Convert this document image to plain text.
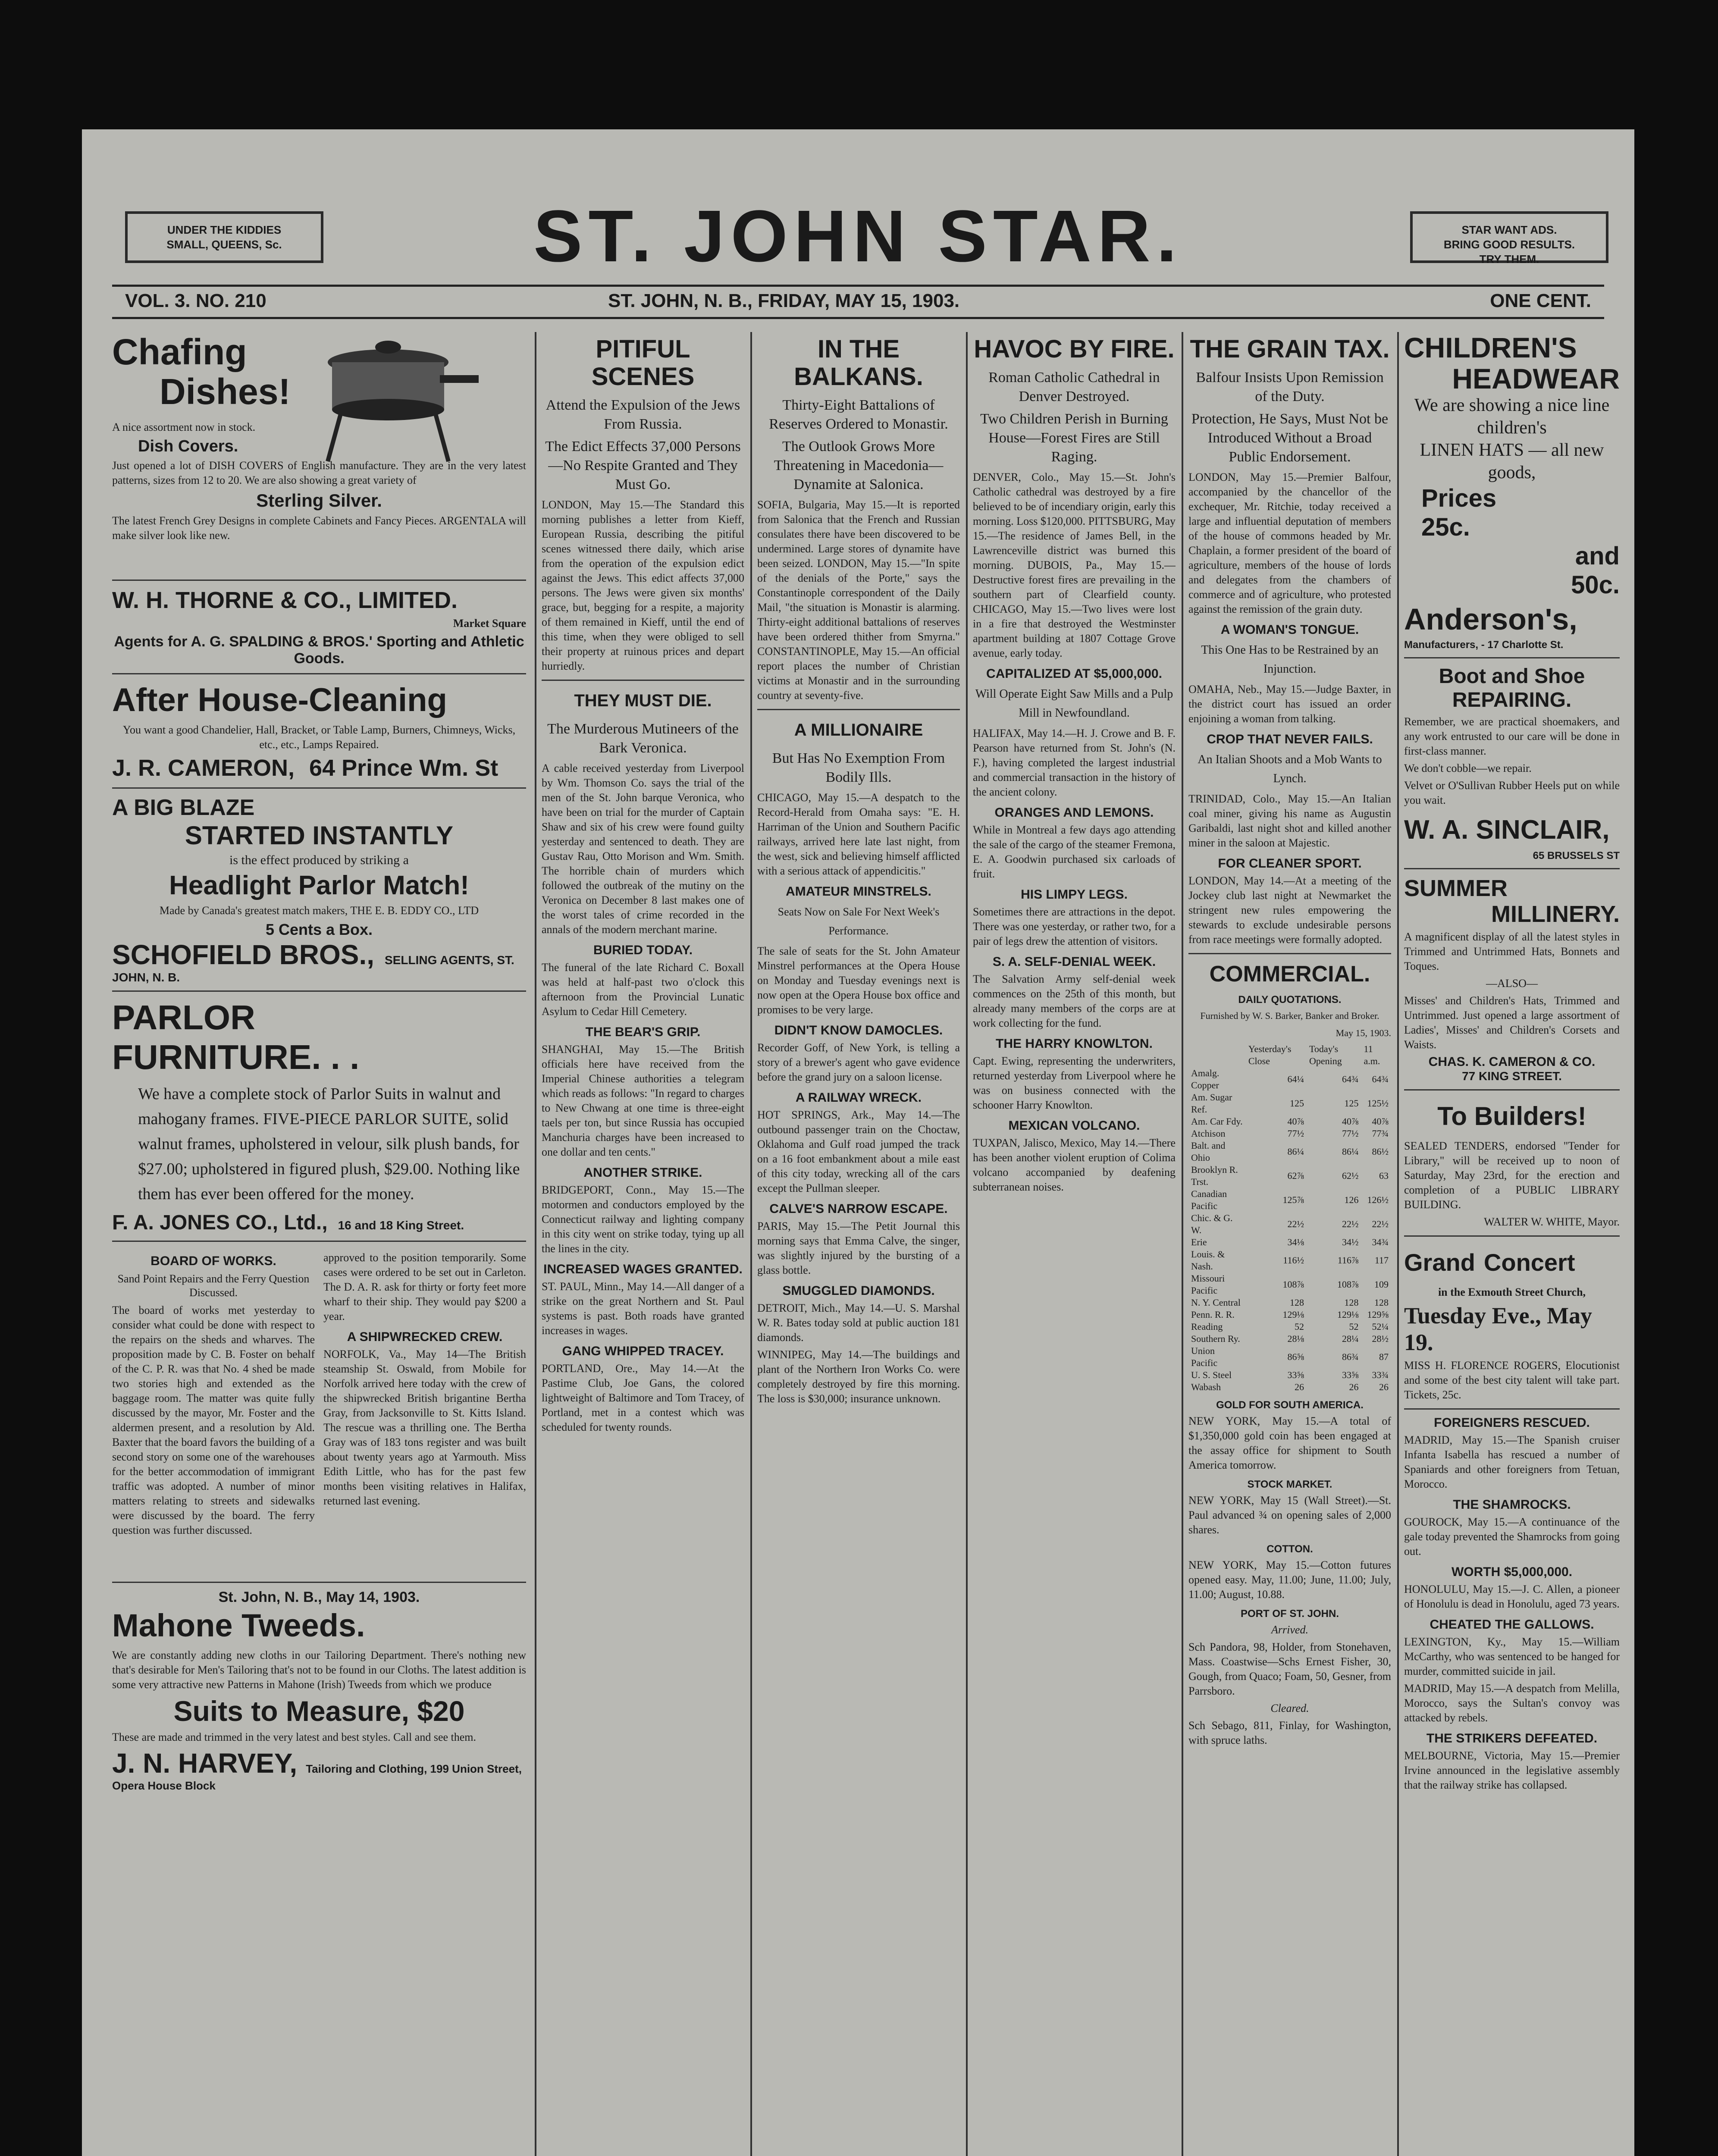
UNDER THE KIDDIES
SMALL, QUEENS, Sc.	ST. JOHN STAR.	STAR WANT ADS.
BRING GOOD RESULTS.
TRY THEM.
VOL. 3. NO. 210	ST. JOHN, N. B., FRIDAY, MAY 15, 1903.	ONE CENT.
Chafing
Dishes!
A nice assortment now in stock.
Dish Covers.
Just opened a lot of DISH COVERS of English manufacture. They are in the very latest patterns, sizes from 12 to 20. We are also showing a great variety of
Sterling Silver.
The latest French Grey Designs in complete Cabinets and Fancy Pieces. ARGENTALA will make silver look like new.
W. H. THORNE & CO., LIMITED.
Market Square
Agents for A. G. SPALDING & BROS.' Sporting and Athletic Goods.
After House-Cleaning
You want a good Chandelier, Hall, Bracket, or Table Lamp, Burners, Chimneys, Wicks, etc., etc., Lamps Repaired.
J. R. CAMERON, 64 Prince Wm. St
A BIG BLAZE
STARTED INSTANTLY
is the effect produced by striking a
Headlight Parlor Match!
Made by Canada's greatest match makers, THE E. B. EDDY CO., LTD
5 Cents a Box.
SCHOFIELD BROS., SELLING AGENTS, ST. JOHN, N. B.
PARLOR
FURNITURE. . .
We have a complete stock of Parlor Suits in walnut and mahogany frames. FIVE-PIECE PARLOR SUITE, solid walnut frames, upholstered in velour, silk plush bands, for $27.00; upholstered in figured plush, $29.00. Nothing like them has ever been offered for the money.
F. A. JONES CO., Ltd., 16 and 18 King Street.
BOARD OF WORKS.
Sand Point Repairs and the Ferry Question Discussed.
The board of works met yesterday to consider what could be done with respect to the repairs on the sheds and wharves. The proposition made by C. B. Foster on behalf of the C. P. R. was that No. 4 shed be made two stories high and extended as the baggage room. The matter was quite fully discussed by the mayor, Mr. Foster and the aldermen present, and a resolution by Ald. Baxter that the board favors the building of a second story on some one of the warehouses for the better accommodation of immigrant traffic was adopted. A number of minor matters relating to streets and sidewalks were discussed by the board. The ferry question was further discussed.
approved to the position temporarily. Some cases were ordered to be set out in Carleton. The D. A. R. ask for thirty or forty feet more wharf to their ship. They would pay $200 a year.
A SHIPWRECKED CREW.
NORFOLK, Va., May 14—The British steamship St. Oswald, from Mobile for Norfolk arrived here today with the crew of the shipwrecked British brigantine Bertha Gray, from Jacksonville to St. Kitts Island. The rescue was a thrilling one. The Bertha Gray was of 183 tons register and was built about twenty years ago at Yarmouth. Miss Edith Little, who has for the past few months been visiting relatives in Halifax, returned last evening.
St. John, N. B., May 14, 1903.
Mahone Tweeds.
We are constantly adding new cloths in our Tailoring Department. There's nothing new that's desirable for Men's Tailoring that's not to be found in our Cloths. The latest addition is some very attractive new Patterns in Mahone (Irish) Tweeds from which we produce
Suits to Measure, $20
These are made and trimmed in the very latest and best styles. Call and see them.
J. N. HARVEY, Tailoring and Clothing, 199 Union Street, Opera House Block
PITIFUL SCENES
Attend the Expulsion of the Jews From Russia.
The Edict Effects 37,000 Persons—No Respite Granted and They Must Go.
LONDON, May 15.—The Standard this morning publishes a letter from Kieff, European Russia, describing the pitiful scenes witnessed there daily, which arise from the operation of the expulsion edict against the Jews. This edict affects 37,000 persons. The Jews were given six months' grace, but, begging for a respite, a majority of them remained in Kieff, until the end of this time, when they were obliged to sell their property at ruinous prices and depart hurriedly.
THEY MUST DIE.
The Murderous Mutineers of the Bark Veronica.
A cable received yesterday from Liverpool by Wm. Thomson Co. says the trial of the men of the St. John barque Veronica, who have been on trial for the murder of Captain Shaw and six of his crew were found guilty yesterday and sentenced to death. They are Gustav Rau, Otto Morison and Wm. Smith. The horrible chain of murders which followed the outbreak of the mutiny on the Veronica on December 8 last makes one of the worst tales of crime recorded in the annals of the modern merchant marine.
BURIED TODAY.
The funeral of the late Richard C. Boxall was held at half-past two o'clock this afternoon from the Provincial Lunatic Asylum to Cedar Hill Cemetery.
THE BEAR'S GRIP.
SHANGHAI, May 15.—The British officials here have received from the Imperial Chinese authorities a telegram which reads as follows: "In regard to charges to New Chwang at one time is three-eight taels per ton, but since Russia has occupied Manchuria charges have been increased to one dollar and ten cents."
ANOTHER STRIKE.
BRIDGEPORT, Conn., May 15.—The motormen and conductors employed by the Connecticut railway and lighting company in this city went on strike today, tying up all the lines in the city.
INCREASED WAGES GRANTED.
ST. PAUL, Minn., May 14.—All danger of a strike on the great Northern and St. Paul systems is past. Both roads have granted increases in wages.
GANG WHIPPED TRACEY.
PORTLAND, Ore., May 14.—At the Pastime Club, Joe Gans, the colored lightweight of Baltimore and Tom Tracey, of Portland, met in a contest which was scheduled for twenty rounds.
IN THE BALKANS.
Thirty-Eight Battalions of Reserves Ordered to Monastir.
The Outlook Grows More Threatening in Macedonia—Dynamite at Salonica.
SOFIA, Bulgaria, May 15.—It is reported from Salonica that the French and Russian consulates there have been discovered to be undermined. Large stores of dynamite have been seized. LONDON, May 15.—"In spite of the denials of the Porte," says the Constantinople correspondent of the Daily Mail, "the situation is Monastir is alarming. Thirty-eight additional battalions of reserves have been ordered thither from Smyrna." CONSTANTINOPLE, May 15.—An official report places the number of Christian victims at Monastir and in the surrounding country at seventy-five.
A MILLIONAIRE
But Has No Exemption From Bodily Ills.
CHICAGO, May 15.—A despatch to the Record-Herald from Omaha says: "E. H. Harriman of the Union and Southern Pacific railways, arrived here late last night, from the west, sick and believing himself afflicted with a serious attack of appendicitis."
AMATEUR MINSTRELS.
Seats Now on Sale For Next Week's Performance.
The sale of seats for the St. John Amateur Minstrel performances at the Opera House on Monday and Tuesday evenings next is now open at the Opera House box office and promises to be very large.
DIDN'T KNOW DAMOCLES.
Recorder Goff, of New York, is telling a story of a brewer's agent who gave evidence before the grand jury on a saloon license.
A RAILWAY WRECK.
HOT SPRINGS, Ark., May 14.—The outbound passenger train on the Choctaw, Oklahoma and Gulf road jumped the track on a 16 foot embankment about a mile east of this city today, wrecking all of the cars except the Pullman sleeper.
CALVE'S NARROW ESCAPE.
PARIS, May 15.—The Petit Journal this morning says that Emma Calve, the singer, was slightly injured by the bursting of a glass bottle.
SMUGGLED DIAMONDS.
DETROIT, Mich., May 14.—U. S. Marshal W. R. Bates today sold at public auction 181 diamonds.
WINNIPEG, May 14.—The buildings and plant of the Northern Iron Works Co. were completely destroyed by fire this morning. The loss is $30,000; insurance unknown.
HAVOC BY FIRE.
Roman Catholic Cathedral in Denver Destroyed.
Two Children Perish in Burning House—Forest Fires are Still Raging.
DENVER, Colo., May 15.—St. John's Catholic cathedral was destroyed by a fire believed to be of incendiary origin, early this morning. Loss $120,000. PITTSBURG, May 15.—The residence of James Bell, in the Lawrenceville district was burned this morning. DUBOIS, Pa., May 15.—Destructive forest fires are prevailing in the southern part of Clearfield county. CHICAGO, May 15.—Two lives were lost in a fire that destroyed the Westminster apartment building at 1807 Cottage Grove avenue, early today.
CAPITALIZED AT $5,000,000.
Will Operate Eight Saw Mills and a Pulp Mill in Newfoundland.
HALIFAX, May 14.—H. J. Crowe and B. F. Pearson have returned from St. John's (N. F.), having completed the largest industrial and commercial transaction in the history of the ancient colony.
ORANGES AND LEMONS.
While in Montreal a few days ago attending the sale of the cargo of the steamer Fremona, E. A. Goodwin purchased six carloads of fruit.
HIS LIMPY LEGS.
Sometimes there are attractions in the depot. There was one yesterday, or rather two, for a pair of legs drew the attention of visitors.
S. A. SELF-DENIAL WEEK.
The Salvation Army self-denial week commences on the 25th of this month, but already many members of the corps are at work collecting for the fund.
THE HARRY KNOWLTON.
Capt. Ewing, representing the underwriters, returned yesterday from Liverpool where he was on business connected with the schooner Harry Knowlton.
MEXICAN VOLCANO.
TUXPAN, Jalisco, Mexico, May 14.—There has been another violent eruption of Colima volcano accompanied by deafening subterranean noises.
THE GRAIN TAX.
Balfour Insists Upon Remission of the Duty.
Protection, He Says, Must Not be Introduced Without a Broad Public Endorsement.
LONDON, May 15.—Premier Balfour, accompanied by the chancellor of the exchequer, Mr. Ritchie, today received a large and influential deputation of members of the house of commons headed by Mr. Chaplain, a former president of the board of agriculture, members of the house of lords and delegates from the chambers of commerce and of agriculture, who protested against the remission of the grain duty.
A WOMAN'S TONGUE.
This One Has to be Restrained by an Injunction.
OMAHA, Neb., May 15.—Judge Baxter, in the district court has issued an order enjoining a woman from talking.
CROP THAT NEVER FAILS.
An Italian Shoots and a Mob Wants to Lynch.
TRINIDAD, Colo., May 15.—An Italian coal miner, giving his name as Augustin Garibaldi, last night shot and killed another miner in the saloon at Majestic.
FOR CLEANER SPORT.
LONDON, May 14.—At a meeting of the Jockey club last night at Newmarket the stringent new rules empowering the stewards to exclude undesirable persons from race meetings were formally adopted.
COMMERCIAL.
DAILY QUOTATIONS.
Furnished by W. S. Barker, Banker and Broker.
May 15, 1903.
	Yesterday's Close	Today's Opening	11 a.m.
Amalg. Copper	64¼	64¾	64¾
Am. Sugar Ref.	125	125	125½
Am. Car Fdy.	40⅞	40⅞	40⅞
Atchison	77½	77½	77¾
Balt. and Ohio	86¼	86¼	86½
Brooklyn R. Trst.	62⅞	62½	63
Canadian Pacific	125⅞	126	126½
Chic. & G. W.	22½	22½	22½
Erie	34⅛	34½	34¾
Louis. & Nash.	116½	116⅞	117
Missouri Pacific	108⅞	108⅞	109
N. Y. Central	128	128	128
Penn. R. R.	129⅛	129⅛	129⅝
Reading	52	52	52¼
Southern Ry.	28⅛	28¼	28½
Union Pacific	86⅝	86¾	87
U. S. Steel	33⅝	33⅝	33¾
Wabash	26	26	26
GOLD FOR SOUTH AMERICA.
NEW YORK, May 15.—A total of $1,350,000 gold coin has been engaged at the assay office for shipment to South America tomorrow.
STOCK MARKET.
NEW YORK, May 15 (Wall Street).—St. Paul advanced ¾ on opening sales of 2,000 shares.
COTTON.
NEW YORK, May 15.—Cotton futures opened easy. May, 11.00; June, 11.00; July, 11.00; August, 10.88.
PORT OF ST. JOHN.
Arrived.
Sch Pandora, 98, Holder, from Stonehaven, Mass. Coastwise—Schs Ernest Fisher, 30, Gough, from Quaco; Foam, 50, Gesner, from Parrsboro.
Cleared.
Sch Sebago, 811, Finlay, for Washington, with spruce laths.
CHILDREN'S
HEADWEAR
We are showing a nice line children's
LINEN HATS — all new goods,
Prices
25c.
and
50c.
Anderson's,
Manufacturers, - 17 Charlotte St.
Boot and Shoe
REPAIRING.
Remember, we are practical shoemakers, and any work entrusted to our care will be done in first-class manner.
We don't cobble—we repair.
Velvet or O'Sullivan Rubber Heels put on while you wait.
W. A. SINCLAIR,
65 BRUSSELS ST
SUMMER
MILLINERY.
A magnificent display of all the latest styles in Trimmed and Untrimmed Hats, Bonnets and Toques.
—ALSO—
Misses' and Children's Hats, Trimmed and Untrimmed. Just opened a large assortment of Ladies', Misses' and Children's Corsets and Waists.
CHAS. K. CAMERON & CO.
77 KING STREET.
To Builders!
SEALED TENDERS, endorsed "Tender for Library," will be received up to noon of Saturday, May 23rd, for the erection and completion of a PUBLIC LIBRARY BUILDING.
WALTER W. WHITE, Mayor.
Grand Concert
in the Exmouth Street Church,
Tuesday Eve., May 19.
MISS H. FLORENCE ROGERS, Elocutionist and some of the best city talent will take part. Tickets, 25c.
FOREIGNERS RESCUED.
MADRID, May 15.—The Spanish cruiser Infanta Isabella has rescued a number of Spaniards and other foreigners from Tetuan, Morocco.
THE SHAMROCKS.
GOUROCK, May 15.—A continuance of the gale today prevented the Shamrocks from going out.
WORTH $5,000,000.
HONOLULU, May 15.—J. C. Allen, a pioneer of Honolulu is dead in Honolulu, aged 73 years.
CHEATED THE GALLOWS.
LEXINGTON, Ky., May 15.—William McCarthy, who was sentenced to be hanged for murder, committed suicide in jail.
MADRID, May 15.—A despatch from Melilla, Morocco, says the Sultan's convoy was attacked by rebels.
THE STRIKERS DEFEATED.
MELBOURNE, Victoria, May 15.—Premier Irvine announced in the legislative assembly that the railway strike has collapsed.
